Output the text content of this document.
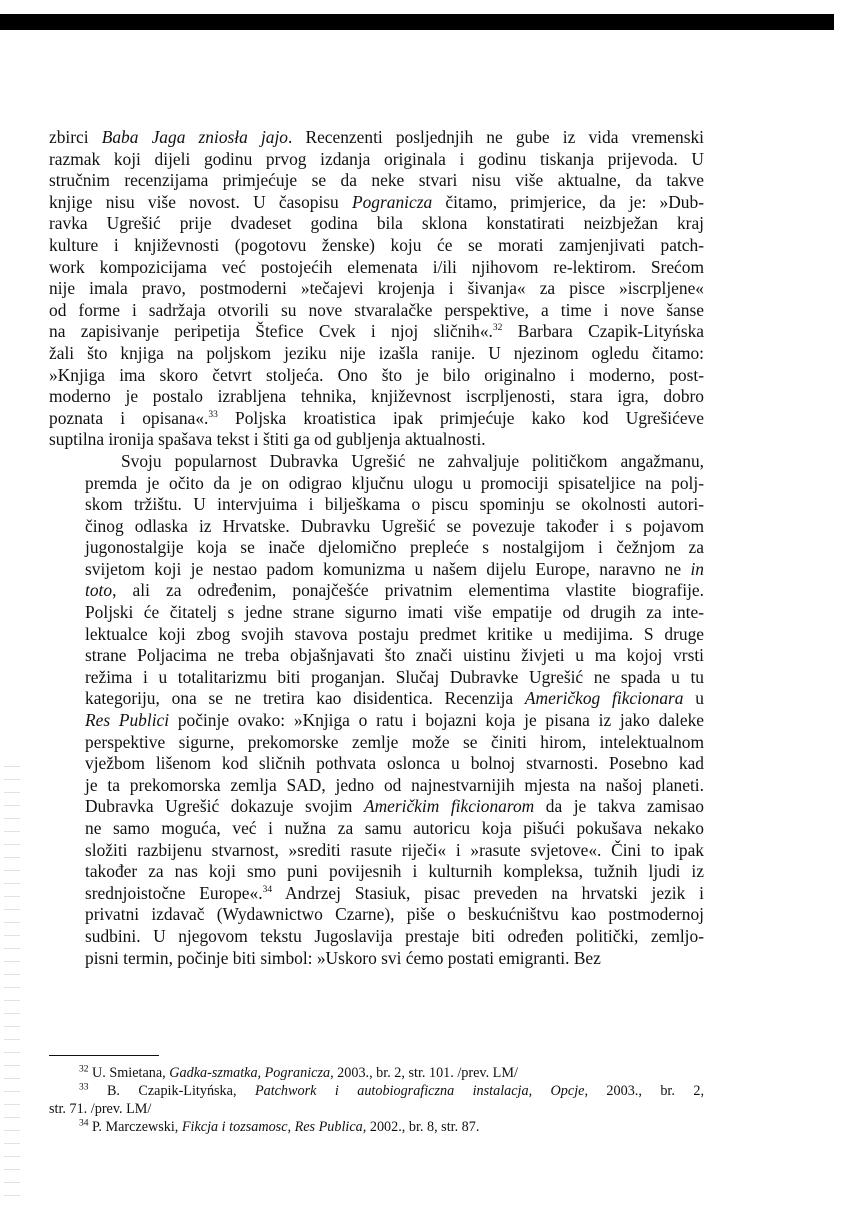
zbirci Baba Jaga zniosła jajo. Recenzenti posljednjih ne gube iz vida vremenski
razmak koji dijeli godinu prvog izdanja originala i godinu tiskanja prijevoda. U
stručnim recenzijama primjećuje se da neke stvari nisu više aktualne, da takve
knjige nisu više novost. U časopisu Pogranicza čitamo, primjerice, da je: »Dub-
ravka Ugrešić prije dvadeset godina bila sklona konstatirati neizbježan kraj
kulture i književnosti (pogotovu ženske) koju će se morati zamjenjivati patch-
work kompozicijama već postojećih elemenata i/ili njihovom re-lektirom. Srećom
nije imala pravo, postmoderni »tečajevi krojenja i šivanja« za pisce »iscrpljene«
od forme i sadržaja otvorili su nove stvaralačke perspektive, a time i nove šanse
na zapisivanje peripetija Štefice Cvek i njoj sličnih«.$^{32}$ Barbara Czapik-Lityńska
žali što knjiga na poljskom jeziku nije izašla ranije. U njezinom ogledu čitamo:
»Knjiga ima skoro četvrt stoljeća. Ono što je bilo originalno i moderno, post-
moderno je postalo izrabljena tehnika, književnost iscrpljenosti, stara igra, dobro
poznata i opisana«.$^{33}$ Poljska kroatistica ipak primjećuje kako kod Ugrešićeve
suptilna ironija spašava tekst i štiti ga od gubljenja aktualnosti.

Svoju popularnost Dubravka Ugrešić ne zahvaljuje političkom angažmanu,
premda je očito da je on odigrao ključnu ulogu u promociji spisateljice na polj-
skom tržištu. U intervjuima i bilješkama o piscu spominju se okolnosti autori-
činog odlaska iz Hrvatske. Dubravku Ugrešić se povezuje također i s pojavom
jugonostalgije koja se inače djelomično prepleće s nostalgijom i čežnjom za
svijetom koji je nestao padom komunizma u našem dijelu Europe, naravno ne in
toto, ali za određenim, ponajčešće privatnim elementima vlastite biografije.
Poljski će čitatelj s jedne strane sigurno imati više empatije od drugih za inte-
lektualce koji zbog svojih stavova postaju predmet kritike u medijima. S druge
strane Poljacima ne treba objašnjavati što znači uistinu živjeti u ma kojoj vrsti
režima i u totalitarizmu biti proganjan. Slučaj Dubravke Ugrešić ne spada u tu
kategoriju, ona se ne tretira kao disidentica. Recenzija Američkog fikcionara u
Res Publici počinje ovako: »Knjiga o ratu i bojazni koja je pisana iz jako daleke
perspektive sigurne, prekomorske zemlje može se činiti hirom, intelektualnom
vježbom lišenom kod sličnih pothvata oslonca u bolnoj stvarnosti. Posebno kad
je ta prekomorska zemlja SAD, jedno od najnestvarnijih mjesta na našoj planeti.
Dubravka Ugrešić dokazuje svojim Američkim fikcionarom da je takva zamisao
ne samo moguća, već i nužna za samu autoricu koja pišući pokušava nekako
složiti razbijenu stvarnost, »srediti rasute riječi« i »rasute svjetove«. Čini to ipak
također za nas koji smo puni povijesnih i kulturnih kompleksa, tužnih ljudi iz
srednjoistočne Europe«.$^{34}$ Andrzej Stasiuk, pisac preveden na hrvatski jezik i
privatni izdavač (Wydawnictwo Czarne), piše o beskućništvu kao postmodernoj
sudbini. U njegovom tekstu Jugoslavija prestaje biti određen politički, zemljo-
pisni termin, počinje biti simbol: »Uskoro svi ćemo postati emigranti. Bez

$^{32}$ U. Smietana, Gadka-szmatka, Pogranicza, 2003., br. 2, str. 101. /prev. LM/

$^{33}$ B. Czapik-Lityńska, Patchwork i autobiograficzna instalacja, Opcje, 2003., br. 2,
str. 71. /prev. LM/

$^{34}$ P. Marczewski, Fikcja i tozsamosc, Res Publica, 2002., br. 8, str. 87.
